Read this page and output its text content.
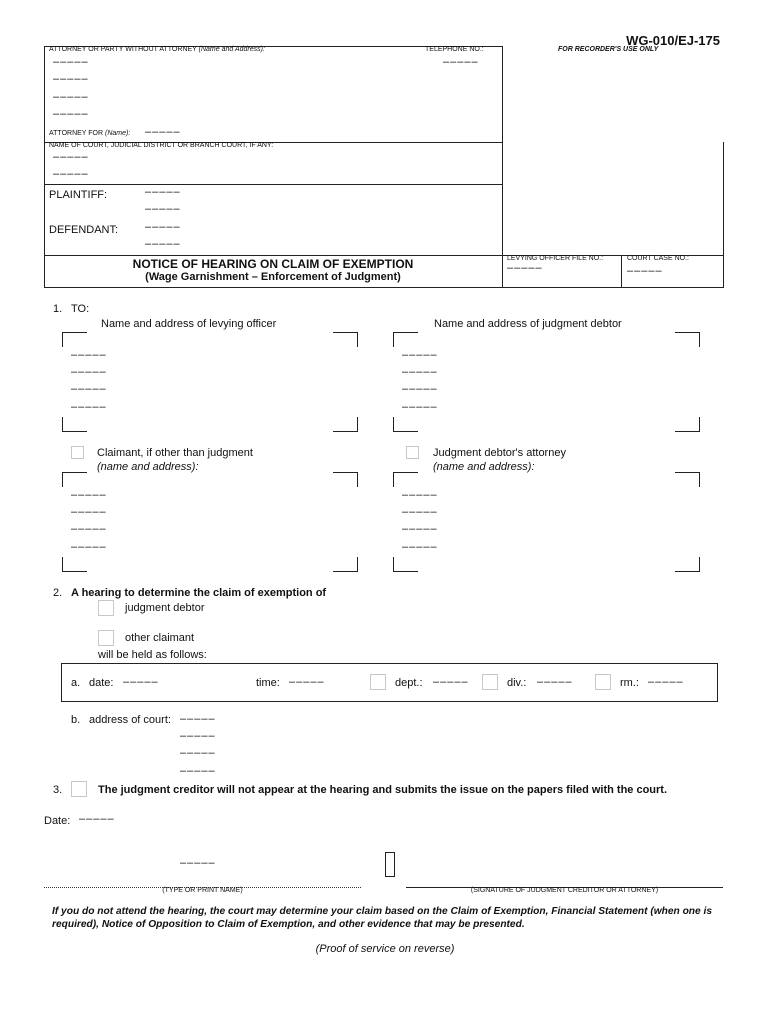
WG-010/EJ-175
ATTORNEY OR PARTY WITHOUT ATTORNEY (Name and Address):	TELEPHONE NO.:	FOR RECORDER'S USE ONLY
–––––	–––––
–––––
–––––
–––––
ATTORNEY FOR (Name): –––––
NAME OF COURT, JUDICIAL DISTRICT OR BRANCH COURT, IF ANY:
–––––
–––––
PLAINTIFF:	–––––
–––––
DEFENDANT: –––––
–––––
NOTICE OF HEARING ON CLAIM OF EXEMPTION
(Wage Garnishment – Enforcement of Judgment)
LEVYING OFFICER FILE NO.:
–––––
COURT CASE NO.:
–––––
1. TO:
Name and address of levying officer	Name and address of judgment debtor
–––––
–––––
–––––
–––––
–––––
–––––
–––––
–––––
Claimant, if other than judgment
(name and address):
Judgment debtor's attorney
(name and address):
–––––
–––––
–––––
–––––
–––––
–––––
–––––
–––––
2. A hearing to determine the claim of exemption of
judgment debtor
other claimant
will be held as follows:
a. date: –––––	time: –––––	dept.: –––––	div.: –––––	rm.: –––––
b. address of court: –––––
–––––
–––––
–––––
3.	The judgment creditor will not appear at the hearing and submits the issue on the papers filed with the court.
Date: –––––
–––––
(TYPE OR PRINT NAME)	(SIGNATURE OF JUDGMENT CREDITOR OR ATTORNEY)
If you do not attend the hearing, the court may determine your claim based on the Claim of Exemption, Financial Statement (when one is required), Notice of Opposition to Claim of Exemption, and other evidence that may be presented.
(Proof of service on reverse)
